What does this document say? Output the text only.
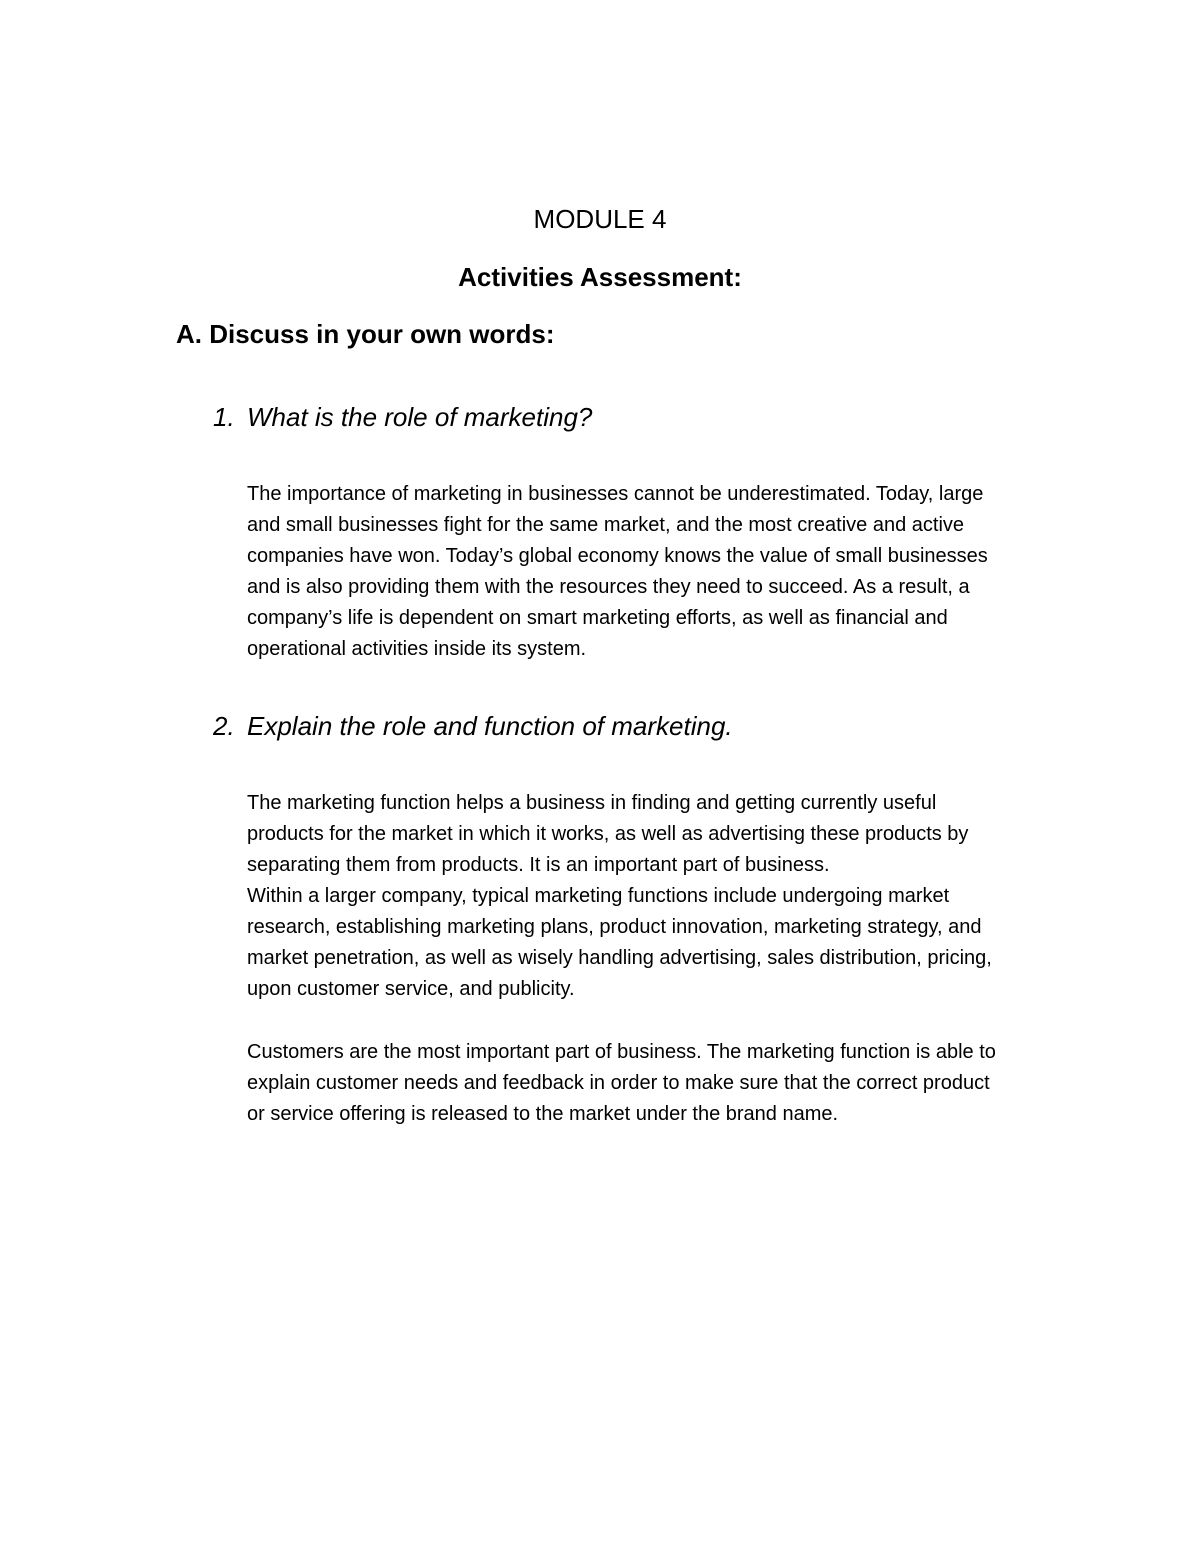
MODULE 4
Activities Assessment:
A. Discuss in your own words:

1. What is the role of marketing?

The importance of marketing in businesses cannot be underestimated. Today, large
and small businesses fight for the same market, and the most creative and active
companies have won. Today’s global economy knows the value of small businesses
and is also providing them with the resources they need to succeed. As a result, a
company’s life is dependent on smart marketing efforts, as well as financial and
operational activities inside its system.

2. Explain the role and function of marketing.

The marketing function helps a business in finding and getting currently useful
products for the market in which it works, as well as advertising these products by
separating them from products. It is an important part of business.
Within a larger company, typical marketing functions include undergoing market
research, establishing marketing plans, product innovation, marketing strategy, and
market penetration, as well as wisely handling advertising, sales distribution, pricing,
upon customer service, and publicity.

Customers are the most important part of business. The marketing function is able to
explain customer needs and feedback in order to make sure that the correct product
or service offering is released to the market under the brand name.
